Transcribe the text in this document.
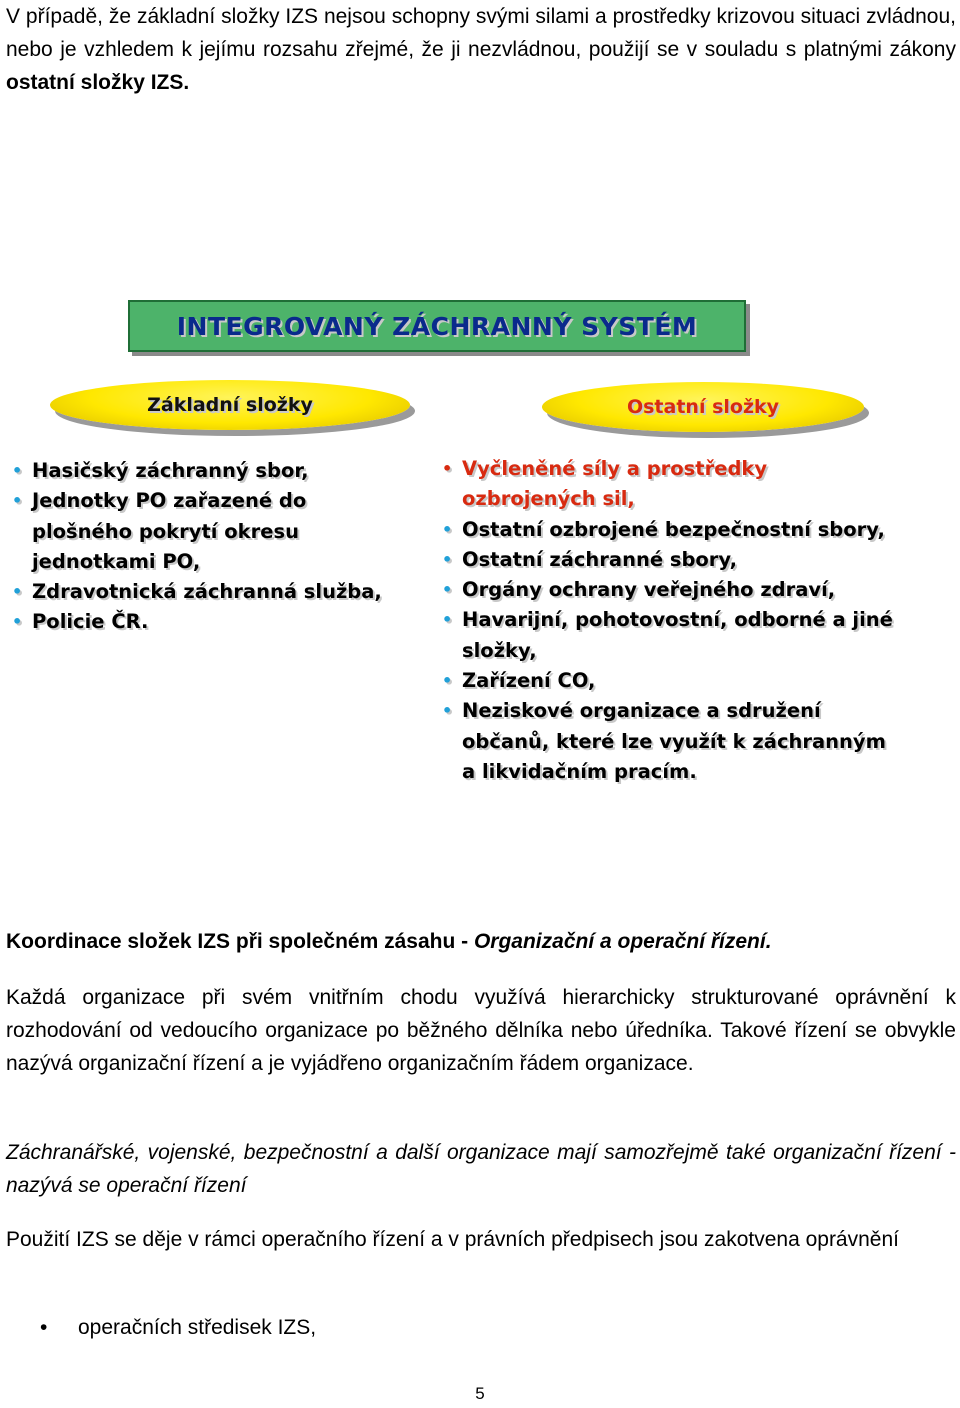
V případě, že základní složky IZS nejsou schopny svými silami a prostředky krizovou situaci zvládnou, nebo je vzhledem k jejímu rozsahu zřejmé, že ji nezvládnou, použijí se v souladu s platnými zákony ostatní složky IZS.

INTEGROVANÝ ZÁCHRANNÝ SYSTÉM
Základní složky	Ostatní složky
• Hasičský záchranný sbor,
• Jednotky PO zařazené do plošného pokrytí okresu jednotkami PO,
• Zdravotnická záchranná služba,
• Policie ČR.
• Vyčleněné síly a prostředky ozbrojených sil,
• Ostatní ozbrojené bezpečnostní sbory,
• Ostatní záchranné sbory,
• Orgány ochrany veřejného zdraví,
• Havarijní, pohotovostní, odborné a jiné složky,
• Zařízení CO,
• Neziskové organizace a sdružení občanů, které lze využít k záchranným a likvidačním pracím.

Koordinace složek IZS při společném zásahu - Organizační a operační řízení.

Každá organizace při svém vnitřním chodu využívá hierarchicky strukturované oprávnění k rozhodování od vedoucího organizace po běžného dělníka nebo úředníka. Takové řízení se obvykle nazývá organizační řízení a je vyjádřeno organizačním řádem organizace.

Záchranářské, vojenské, bezpečnostní a další organizace mají samozřejmě také organizační řízení - nazývá se operační řízení

Použití IZS se děje v rámci operačního řízení a v právních předpisech jsou zakotvena oprávnění

• operačních středisek IZS,
5
